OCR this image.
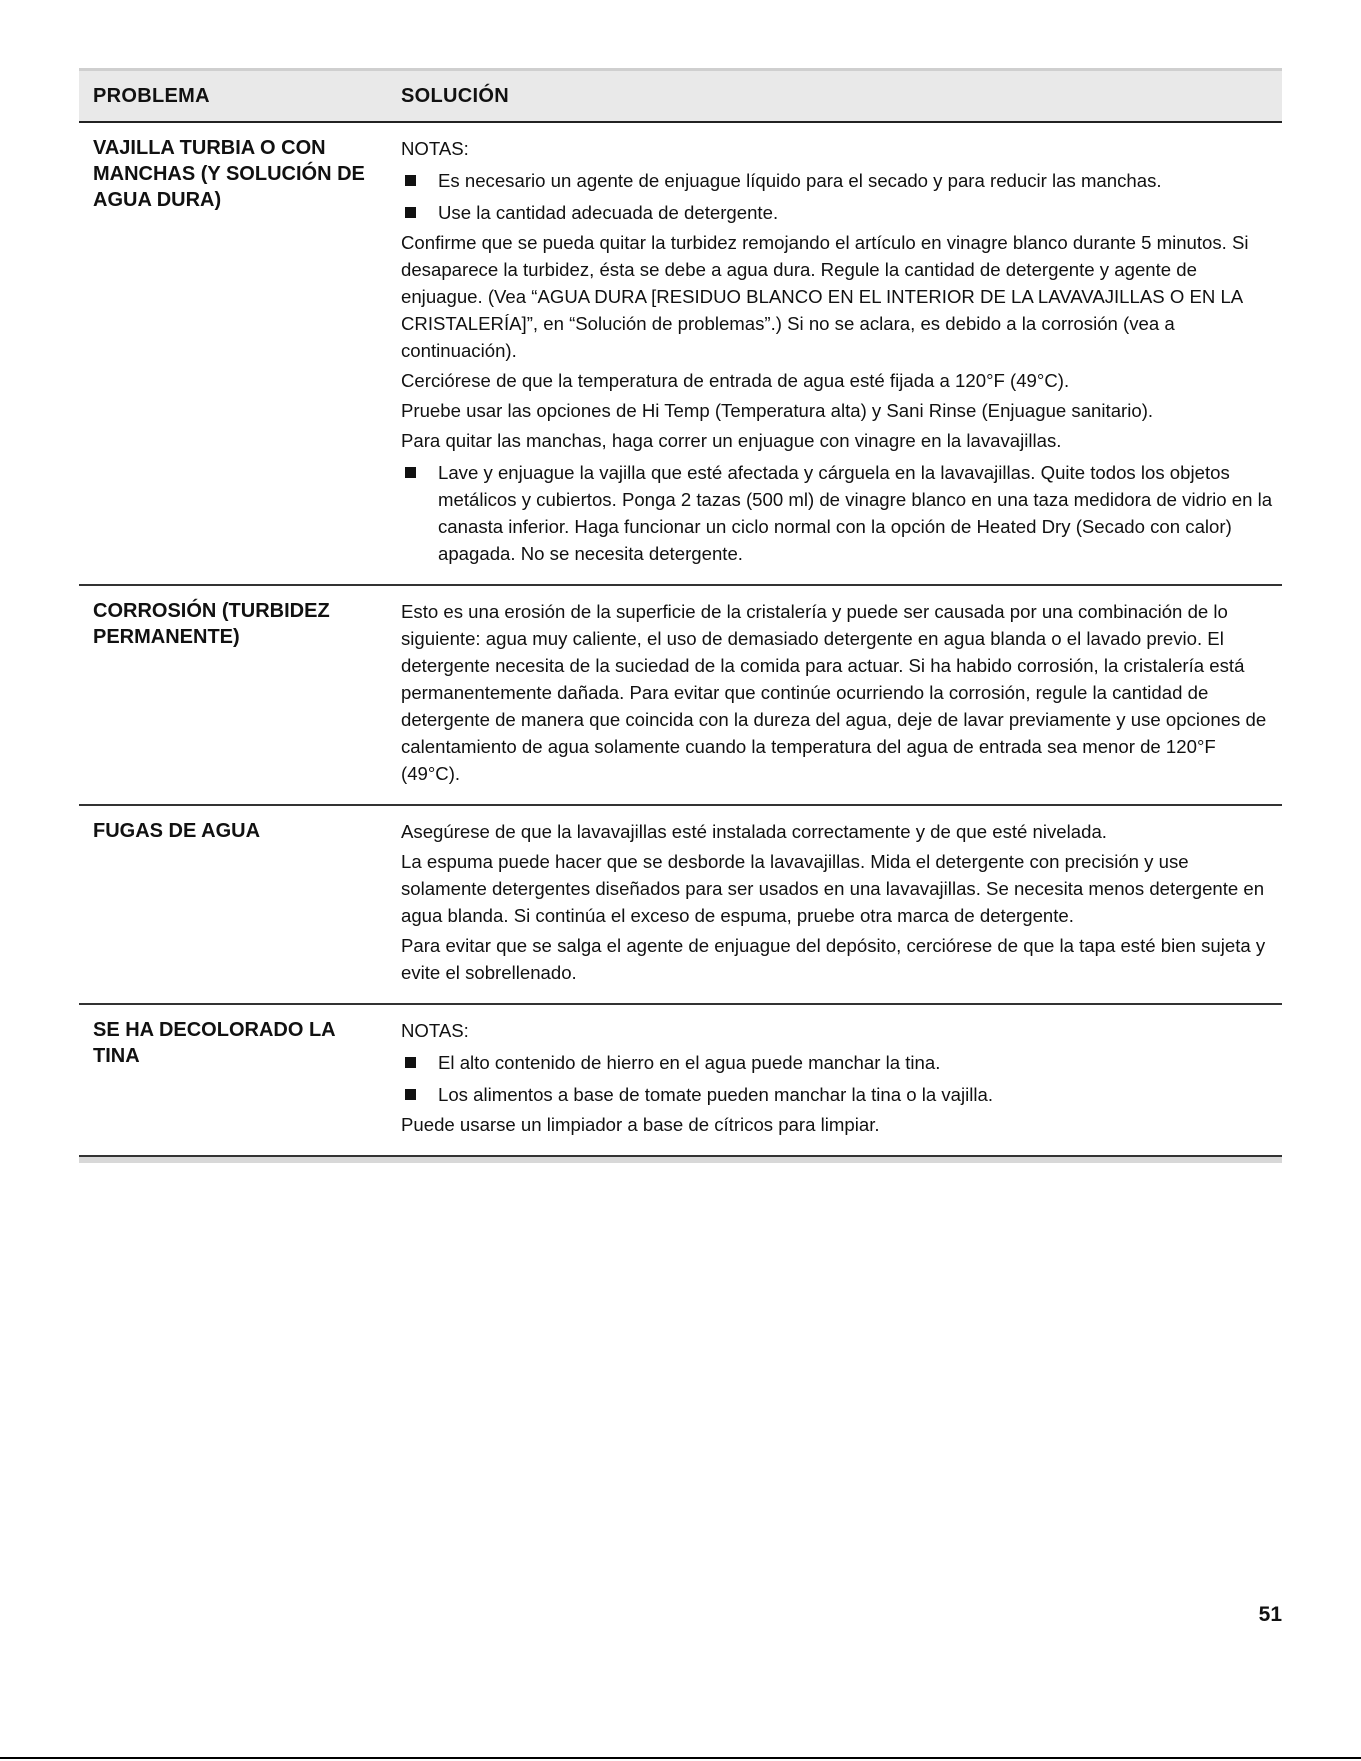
PROBLEMA	SOLUCIÓN
VAJILLA TURBIA O CON MANCHAS (Y SOLUCIÓN DE AGUA DURA)

NOTAS:

Es necesario un agente de enjuague líquido para el secado y para reducir las manchas.
Use la cantidad adecuada de detergente.

Confirme que se pueda quitar la turbidez remojando el artículo en vinagre blanco durante 5 minutos. Si desaparece la turbidez, ésta se debe a agua dura. Regule la cantidad de detergente y agente de enjuague. (Vea “AGUA DURA [RESIDUO BLANCO EN EL INTERIOR DE LA LAVAVAJILLAS O EN LA CRISTALERÍA]”, en “Solución de problemas”.) Si no se aclara, es debido a la corrosión (vea a continuación).

Cerciórese de que la temperatura de entrada de agua esté fijada a 120°F (49°C).

Pruebe usar las opciones de Hi Temp (Temperatura alta) y Sani Rinse (Enjuague sanitario).

Para quitar las manchas, haga correr un enjuague con vinagre en la lavavajillas.

Lave y enjuague la vajilla que esté afectada y cárguela en la lavavajillas. Quite todos los objetos metálicos y cubiertos. Ponga 2 tazas (500 ml) de vinagre blanco en una taza medidora de vidrio en la canasta inferior. Haga funcionar un ciclo normal con la opción de Heated Dry (Secado con calor) apagada. No se necesita detergente.
CORROSIÓN (TURBIDEZ PERMANENTE)

Esto es una erosión de la superficie de la cristalería y puede ser causada por una combinación de lo siguiente: agua muy caliente, el uso de demasiado detergente en agua blanda o el lavado previo. El detergente necesita de la suciedad de la comida para actuar. Si ha habido corrosión, la cristalería está permanentemente dañada. Para evitar que continúe ocurriendo la corrosión, regule la cantidad de detergente de manera que coincida con la dureza del agua, deje de lavar previamente y use opciones de calentamiento de agua solamente cuando la temperatura del agua de entrada sea menor de 120°F (49°C).

FUGAS DE AGUA	Asegúrese de que la lavavajillas esté instalada correctamente y de que esté nivelada.

La espuma puede hacer que se desborde la lavavajillas. Mida el detergente con precisión y use solamente detergentes diseñados para ser usados en una lavavajillas. Se necesita menos detergente en agua blanda. Si continúa el exceso de espuma, pruebe otra marca de detergente.

Para evitar que se salga el agente de enjuague del depósito, cerciórese de que la tapa esté bien sujeta y evite el sobrellenado.

SE HA DECOLORADO LA TINA

NOTAS:

El alto contenido de hierro en el agua puede manchar la tina.
Los alimentos a base de tomate pueden manchar la tina o la vajilla.

Puede usarse un limpiador a base de cítricos para limpiar.

51
